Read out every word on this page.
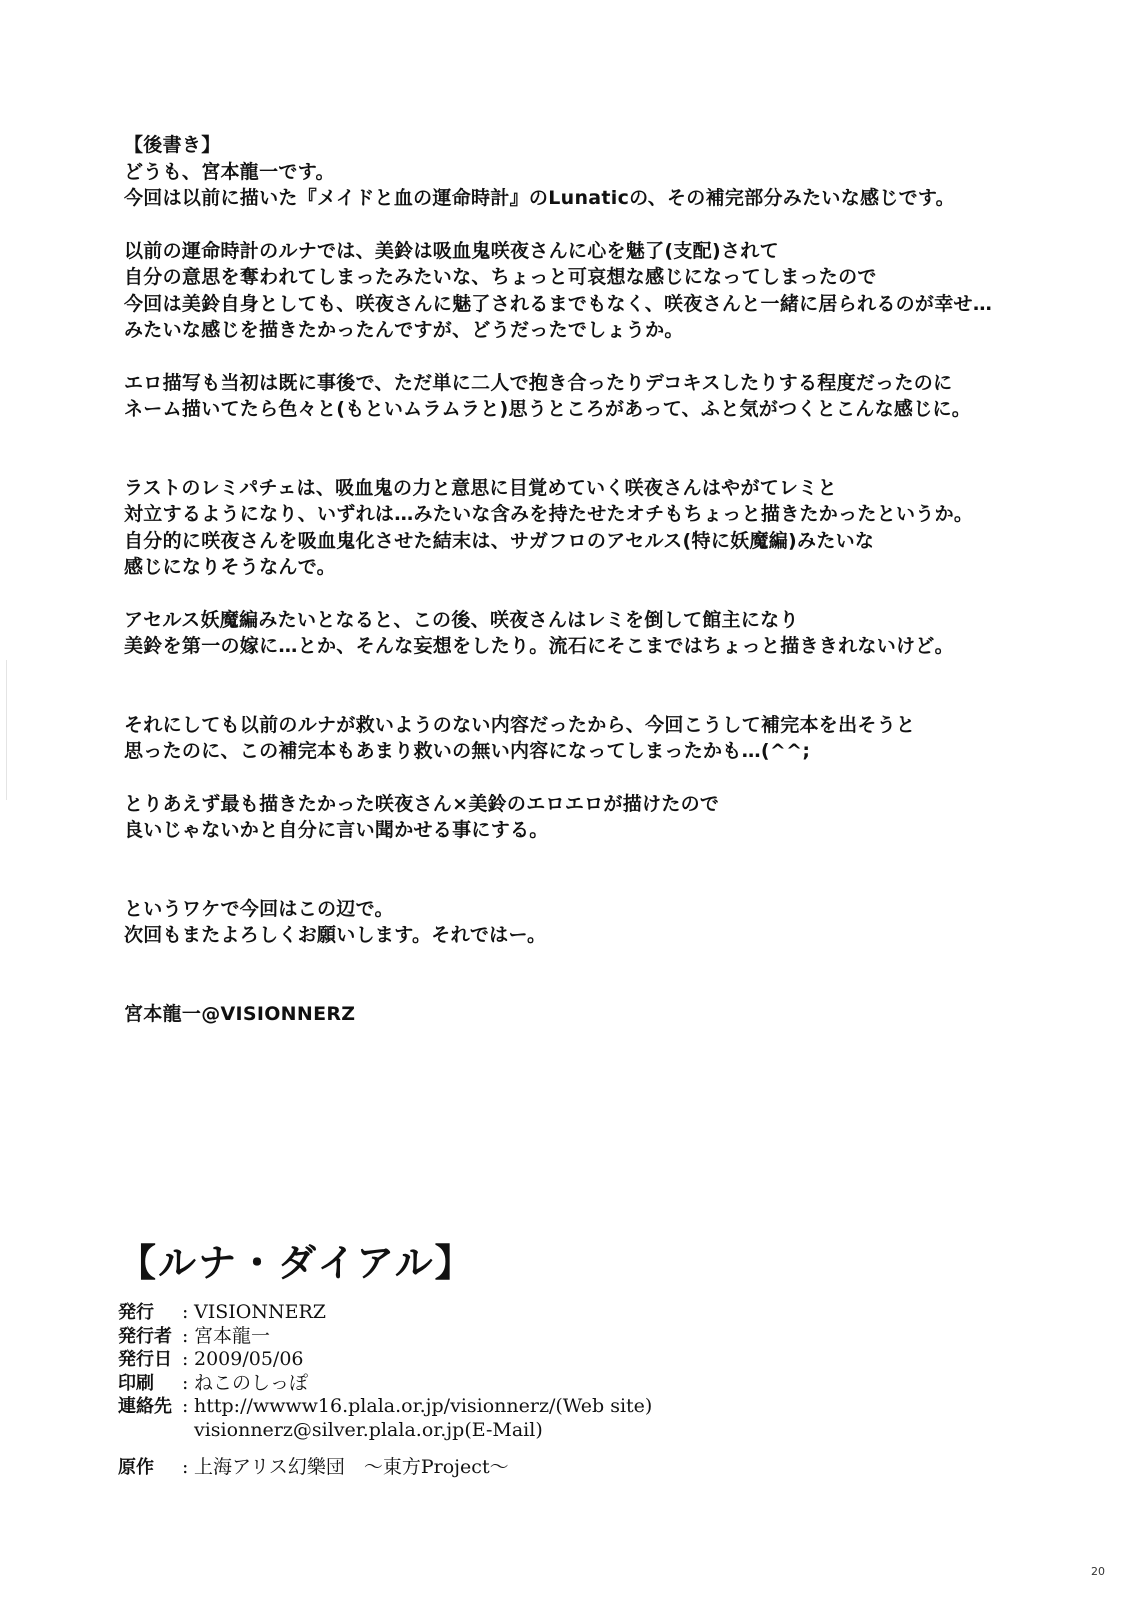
【後書き】

どうも、宮本龍一です。

今回は以前に描いた『メイドと血の運命時計』のLunaticの、その補完部分みたいな感じです。

以前の運命時計のルナでは、美鈴は吸血鬼咲夜さんに心を魅了(支配)されて

自分の意思を奪われてしまったみたいな、ちょっと可哀想な感じになってしまったので

今回は美鈴自身としても、咲夜さんに魅了されるまでもなく、咲夜さんと一緒に居られるのが幸せ…

みたいな感じを描きたかったんですが、どうだったでしょうか。

エロ描写も当初は既に事後で、ただ単に二人で抱き合ったりデコキスしたりする程度だったのに

ネーム描いてたら色々と(もといムラムラと)思うところがあって、ふと気がつくとこんな感じに。

ラストのレミパチェは、吸血鬼の力と意思に目覚めていく咲夜さんはやがてレミと

対立するようになり、いずれは…みたいな含みを持たせたオチもちょっと描きたかったというか。

自分的に咲夜さんを吸血鬼化させた結末は、サガフロのアセルス(特に妖魔編)みたいな

感じになりそうなんで。

アセルス妖魔編みたいとなると、この後、咲夜さんはレミを倒して館主になり

美鈴を第一の嫁に…とか、そんな妄想をしたり。流石にそこまではちょっと描ききれないけど。

それにしても以前のルナが救いようのない内容だったから、今回こうして補完本を出そうと

思ったのに、この補完本もあまり救いの無い内容になってしまったかも…(^^;

とりあえず最も描きたかった咲夜さん×美鈴のエロエロが描けたので

良いじゃないかと自分に言い聞かせる事にする。

というワケで今回はこの辺で。

次回もまたよろしくお願いします。それではー。

宮本龍一@VISIONNERZ

【ルナ・ダイアル】
発行	: VISIONNERZ
発行者 : 宮本龍一
発行日 : 2009/05/06
印刷	: ねこのしっぽ
連絡先 : http://wwww16.plala.or.jp/visionnerz/(Web site)
visionnerz@silver.plala.or.jp(E-Mail)
原作	: 上海アリス幻樂団　～東方Project～
20
